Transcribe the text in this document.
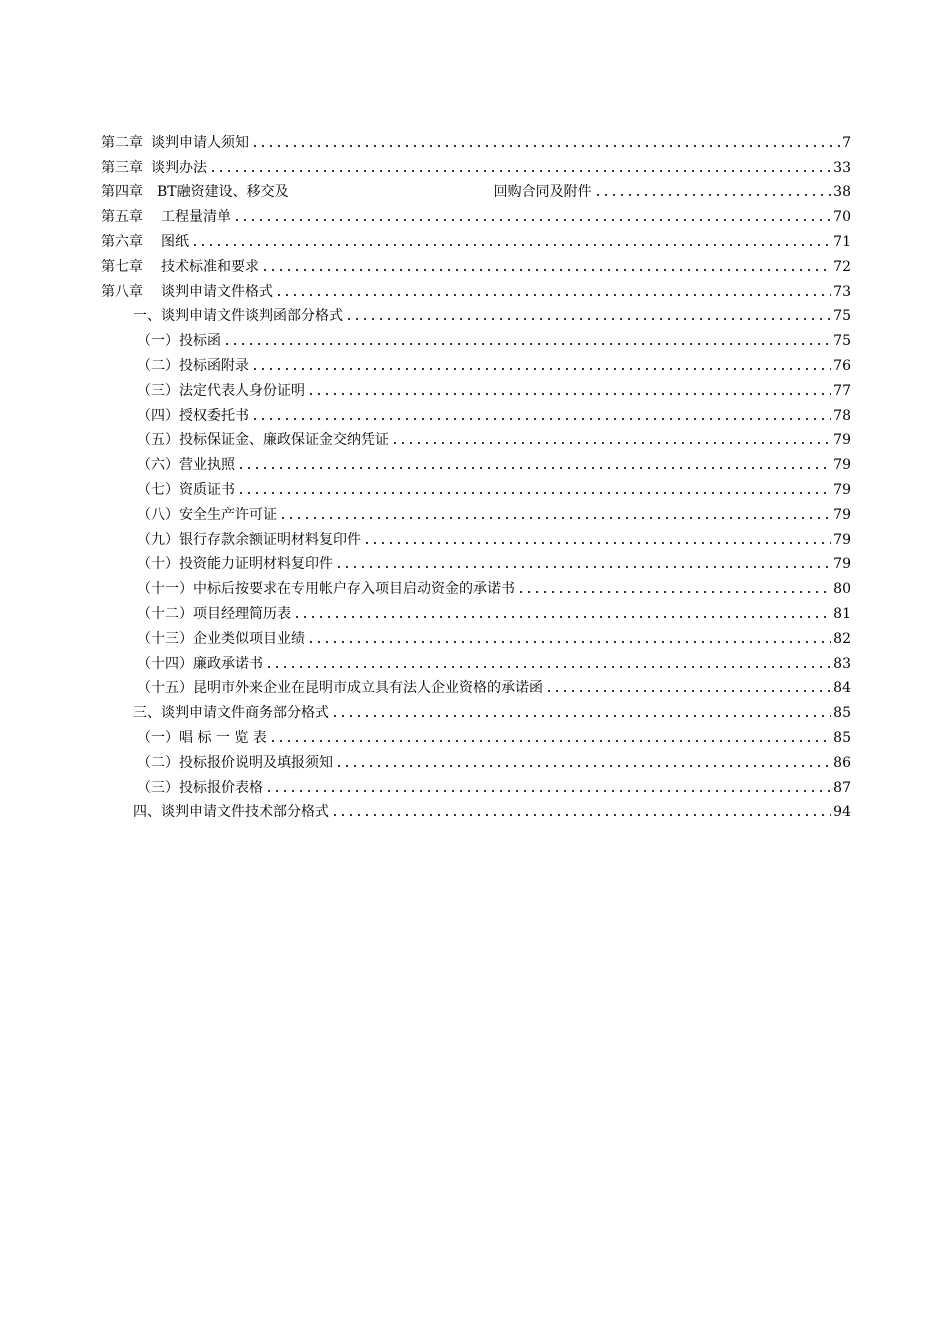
第二章 谈判申请人须知	7
第三章 谈判办法	33
第四章 BT融资建设、移交及	回购合同及附件	38
第五章 工程量清单	70
第六章 图纸	71
第七章 技术标准和要求	72
第八章 谈判申请文件格式	73
一、谈判申请文件谈判函部分格式	75
（一）投标函	75
（二）投标函附录	76
（三）法定代表人身份证明	77
（四）授权委托书	78
（五）投标保证金、廉政保证金交纳凭证	79
（六）营业执照	79
（七）资质证书	79
（八）安全生产许可证	79
（九）银行存款余额证明材料复印件	79
（十）投资能力证明材料复印件	79
（十一）中标后按要求在专用帐户存入项目启动资金的承诺书	80
（十二）项目经理简历表	81
（十三）企业类似项目业绩	82
（十四）廉政承诺书	83
（十五）昆明市外来企业在昆明市成立具有法人企业资格的承诺函	84
三、谈判申请文件商务部分格式	85
（一）唱 标 一 览 表	85
（二）投标报价说明及填报须知	86
（三）投标报价表格	87
四、谈判申请文件技术部分格式	94
